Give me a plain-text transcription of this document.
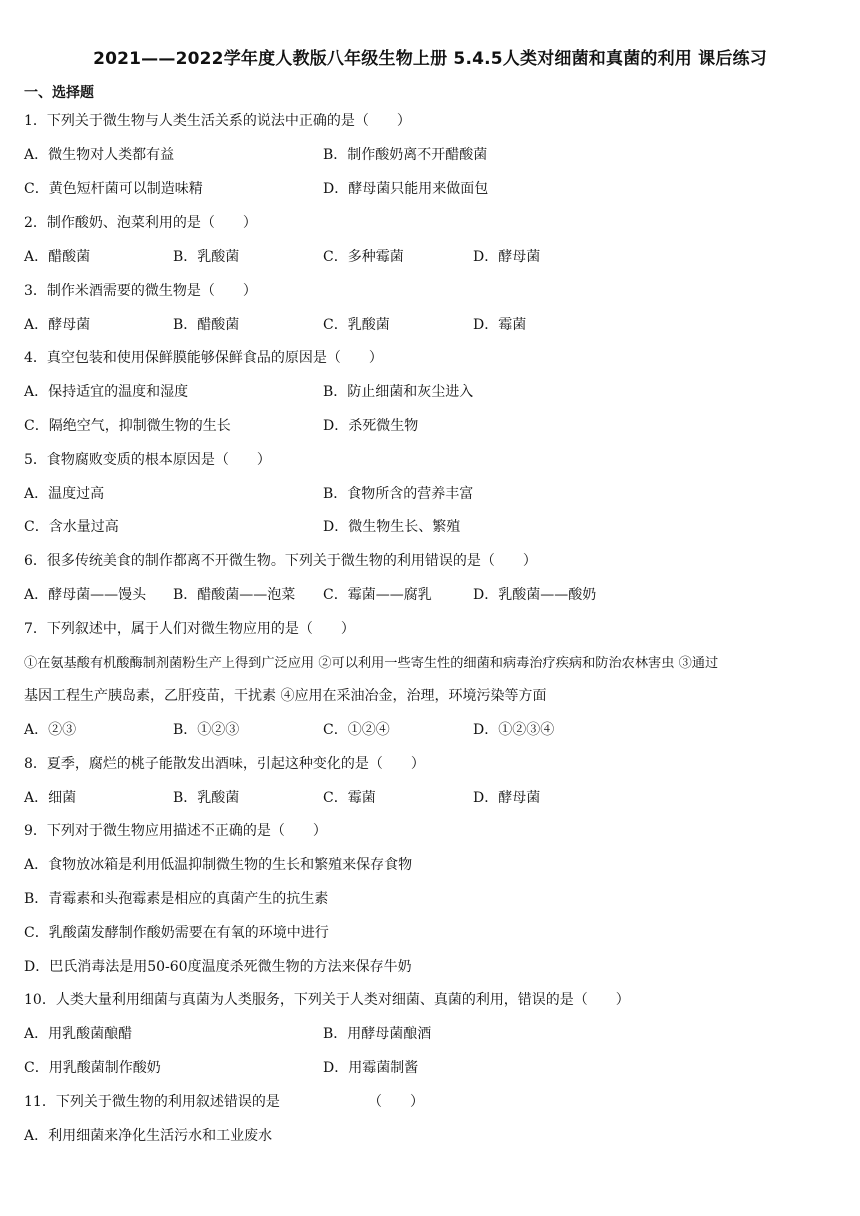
2021——2022学年度人教版八年级生物上册 5.4.5人类对细菌和真菌的利用 课后练习
一、选择题
1．下列关于微生物与人类生活关系的说法中正确的是（　　）
A．微生物对人类都有益	B．制作酸奶离不开醋酸菌
C．黄色短杆菌可以制造味精	D．酵母菌只能用来做面包
2．制作酸奶、泡菜利用的是（　　）
A．醋酸菌	B．乳酸菌	C．多种霉菌	D．酵母菌
3．制作米酒需要的微生物是（　　）
A．酵母菌	B．醋酸菌	C．乳酸菌	D．霉菌
4．真空包装和使用保鲜膜能够保鲜食品的原因是（　　）
A．保持适宜的温度和湿度	B．防止细菌和灰尘进入
C．隔绝空气，抑制微生物的生长	D．杀死微生物
5．食物腐败变质的根本原因是（　　）
A．温度过高	B．食物所含的营养丰富
C．含水量过高	D．微生物生长、繁殖
6．很多传统美食的制作都离不开微生物。下列关于微生物的利用错误的是（　　）
A．酵母菌——馒头 B．醋酸菌——泡菜 C．霉菌——腐乳	D．乳酸菌——酸奶
7．下列叙述中，属于人们对微生物应用的是（　　）
①在氨基酸有机酸酶制剂菌粉生产上得到广泛应用 ②可以利用一些寄生性的细菌和病毒治疗疾病和防治农林害虫 ③通过
基因工程生产胰岛素，乙肝疫苗，干扰素 ④应用在采油冶金，治理，环境污染等方面
A．②③	B．①②③	C．①②④	D．①②③④
8．夏季，腐烂的桃子能散发出酒味，引起这种变化的是（　　）
A．细菌	B．乳酸菌	C．霉菌	D．酵母菌
9．下列对于微生物应用描述不正确的是（　　）
A．食物放冰箱是利用低温抑制微生物的生长和繁殖来保存食物
B．青霉素和头孢霉素是相应的真菌产生的抗生素
C．乳酸菌发酵制作酸奶需要在有氧的环境中进行
D．巴氏消毒法是用50-60度温度杀死微生物的方法来保存牛奶
10．人类大量利用细菌与真菌为人类服务，下列关于人类对细菌、真菌的利用，错误的是（　　）
A．用乳酸菌酿醋	B．用酵母菌酿酒
C．用乳酸菌制作酸奶	D．用霉菌制酱
11．下列关于微生物的利用叙述错误的是	（　　）
A．利用细菌来净化生活污水和工业废水
